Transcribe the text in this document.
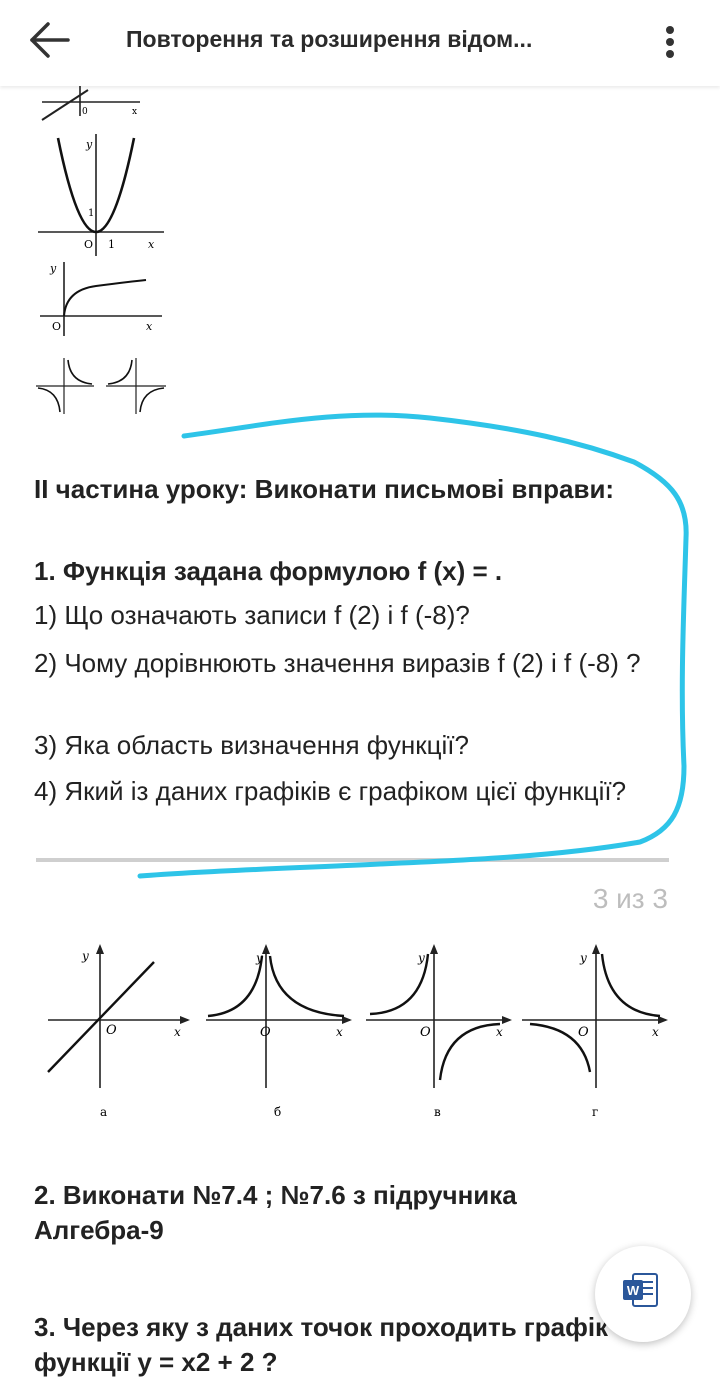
Повторення та розширення відом...
0	x
O 1	x
y
1
O	x
y
ІІ частина уроку: Виконати письмові вправи:
1. Функція задана формулою f (x) = .
1) Що означають записи f (2) і f (-8)?
2) Чому дорівнюють значення виразів f (2) і f (-8) ?
3) Яка область визначення функції?
4) Який із даних графіків є графіком цієї функції?
3 из 3
O	x
y
а
O	x
y
б
O	x
y
в
O	x
y
г
2. Виконати №7.4 ; №7.6 з підручника Алгебра-9
3. Через яку з даних точок проходить графік функції у = х2 + 2 ?
W
